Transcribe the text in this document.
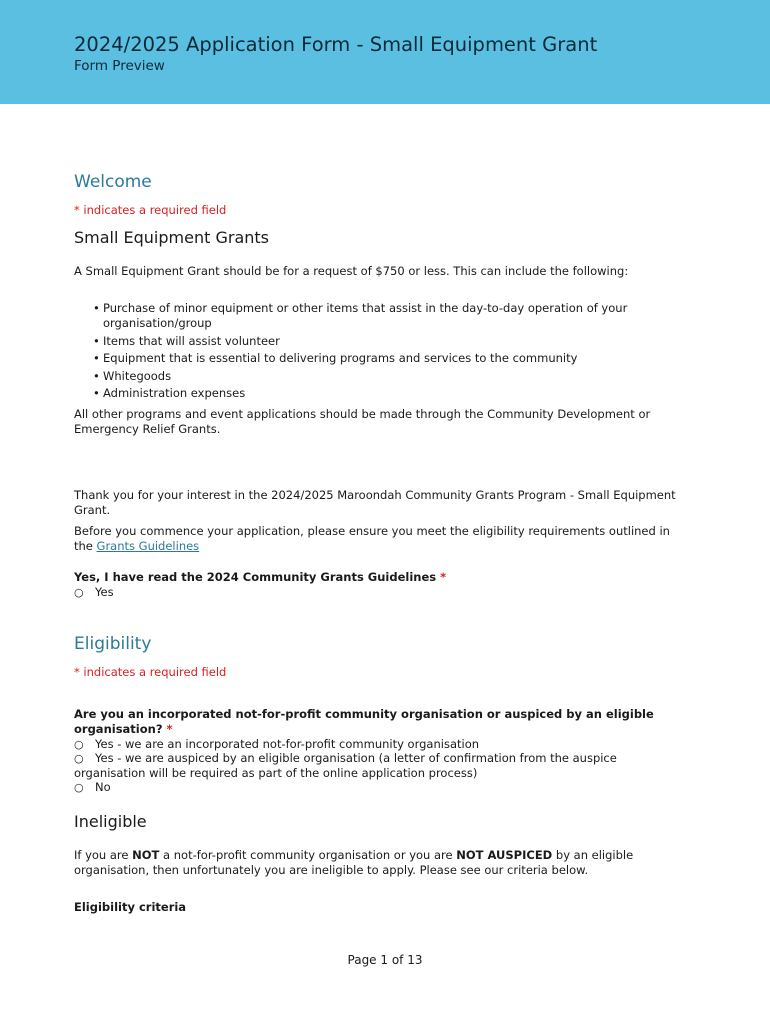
2024/2025 Application Form - Small Equipment Grant
Form Preview
Welcome
* indicates a required field
Small Equipment Grants
A Small Equipment Grant should be for a request of $750 or less. This can include the following:
• Purchase of minor equipment or other items that assist in the day-to-day operation of your organisation/group
• Items that will assist volunteer
• Equipment that is essential to delivering programs and services to the community
• Whitegoods
• Administration expenses
All other programs and event applications should be made through the Community Development or Emergency Relief Grants.
Thank you for your interest in the 2024/2025 Maroondah Community Grants Program - Small Equipment Grant.
Before you commence your application, please ensure you meet the eligibility requirements outlined in the Grants Guidelines
Yes, I have read the 2024 Community Grants Guidelines *
○ Yes
Eligibility
* indicates a required field
Are you an incorporated not-for-profit community organisation or auspiced by an eligible organisation? *
○ Yes - we are an incorporated not-for-profit community organisation
○ Yes - we are auspiced by an eligible organisation (a letter of confirmation from the auspice organisation will be required as part of the online application process)
○ No
Ineligible
If you are NOT a not-for-profit community organisation or you are NOT AUSPICED by an eligible organisation, then unfortunately you are ineligible to apply. Please see our criteria below.
Eligibility criteria
Page 1 of 13
